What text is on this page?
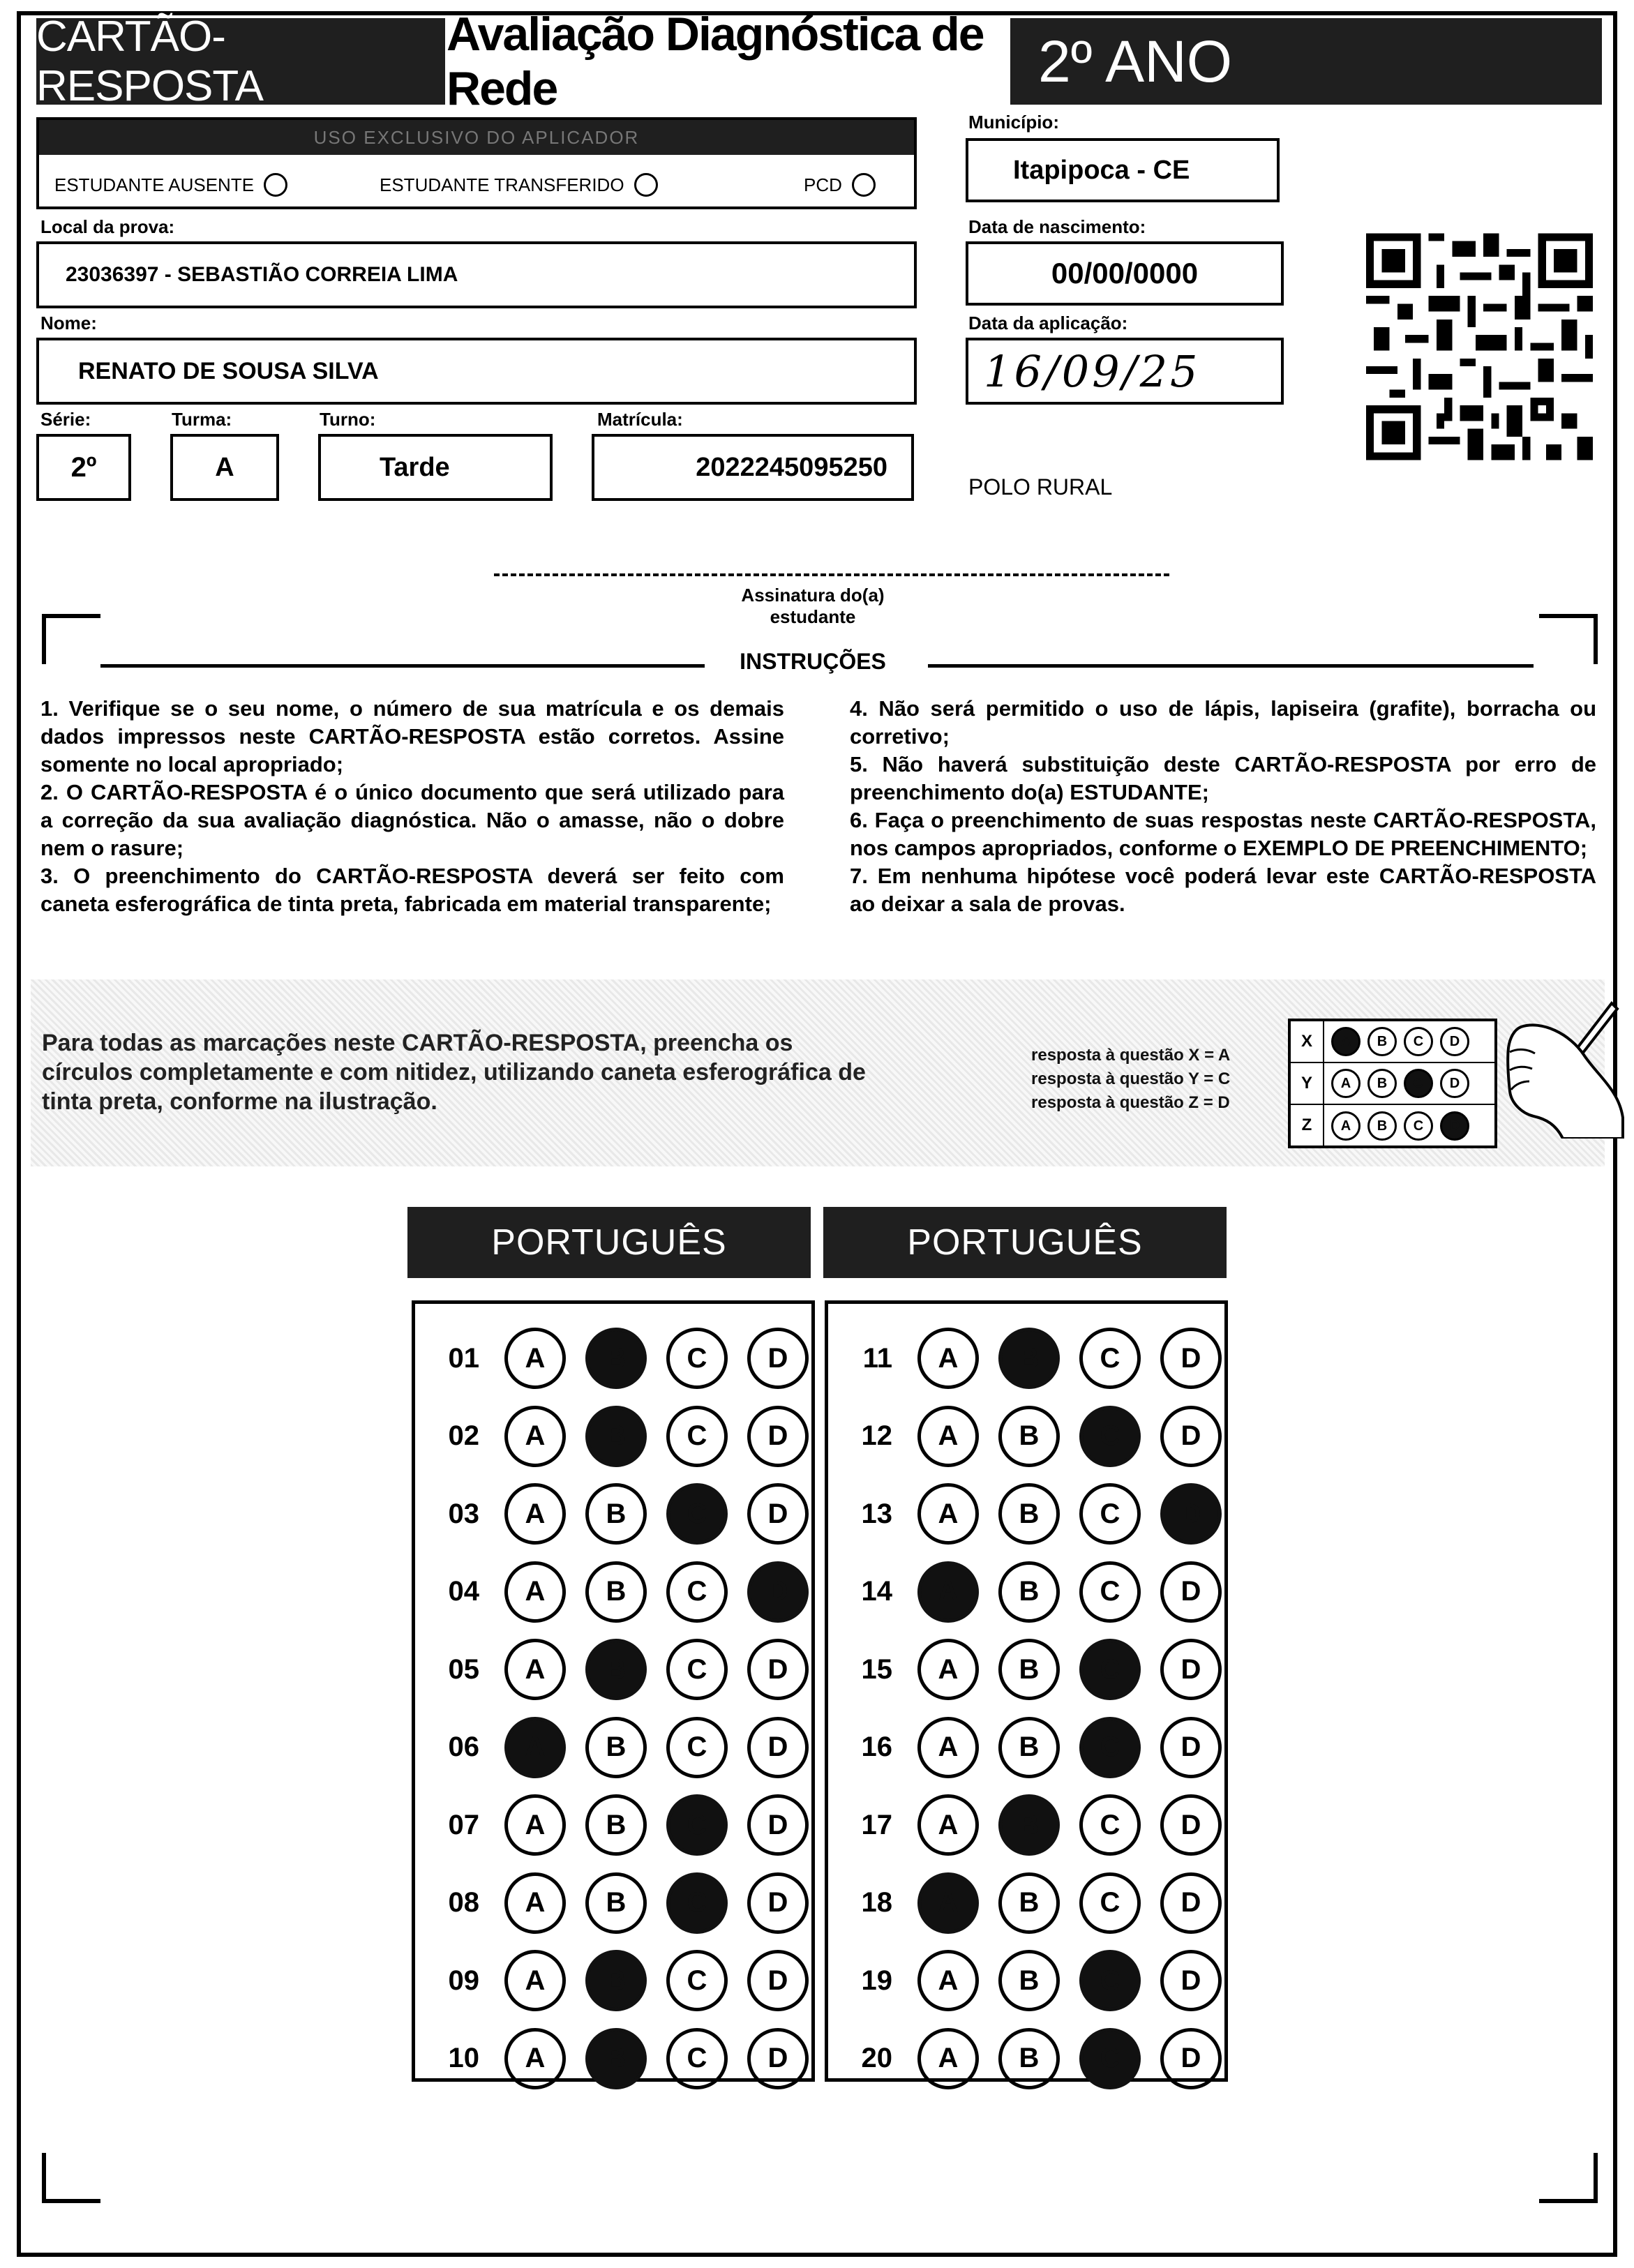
CARTÃO-RESPOSTA
Avaliação Diagnóstica de Rede	2º ANO
USO EXCLUSIVO DO APLICADOR
ESTUDANTE AUSENTE	ESTUDANTE TRANSFERIDO	PCD
Local da prova:
23036397 - SEBASTIÃO CORREIA LIMA
Nome:
RENATO DE SOUSA SILVA
Série:	Turma:	Turno:	Matrícula:
2º	A	Tarde	2022245095250
Município:
Itapipoca - CE
Data de nascimento:
00/00/0000
Data da aplicação:
16/09/25
POLO RURAL
Assinatura do(a) estudante
INSTRUÇÕES

1. Verifique se o seu nome, o número de sua matrícula e os demais dados impressos neste CARTÃO-RESPOSTA estão corretos. Assine somente no local apropriado;

2. O CARTÃO-RESPOSTA é o único documento que será utilizado para a correção da sua avaliação diagnóstica. Não o amasse, não o dobre nem o rasure;

3. O preenchimento do CARTÃO-RESPOSTA deverá ser feito com caneta esferográfica de tinta preta, fabricada em material transparente;

4. Não será permitido o uso de lápis, lapiseira (grafite), borracha ou corretivo;

5. Não haverá substituição deste CARTÃO-RESPOSTA por erro de preenchimento do(a) ESTUDANTE;

6. Faça o preenchimento de suas respostas neste CARTÃO-RESPOSTA, nos campos apropriados, conforme o EXEMPLO DE PREENCHIMENTO;

7. Em nenhuma hipótese você poderá levar este CARTÃO-RESPOSTA ao deixar a sala de provas.

Para todas as marcações neste CARTÃO-RESPOSTA, preencha os círculos completamente e com nitidez, utilizando caneta esferográfica de tinta preta, conforme na ilustração.
resposta à questão X = A
resposta à questão Y = C
resposta à questão Z = D
X	A	B	C	D
Y	A	B	C	D
Z	A	B	C	D
PORTUGUÊS	PORTUGUÊS
01	A	B	C	D
02	A	B	C	D
03	A	B	C	D
04	A	B	C	D
05	A	B	C	D
06	A	B	C	D
07	A	B	C	D
08	A	B	C	D
09	A	B	C	D
10	A	B	C	D
11	A	B	C	D
12	A	B	C	D
13	A	B	C	D
14	A	B	C	D
15	A	B	C	D
16	A	B	C	D
17	A	B	C	D
18	A	B	C	D
19	A	B	C	D
20	A	B	C	D
